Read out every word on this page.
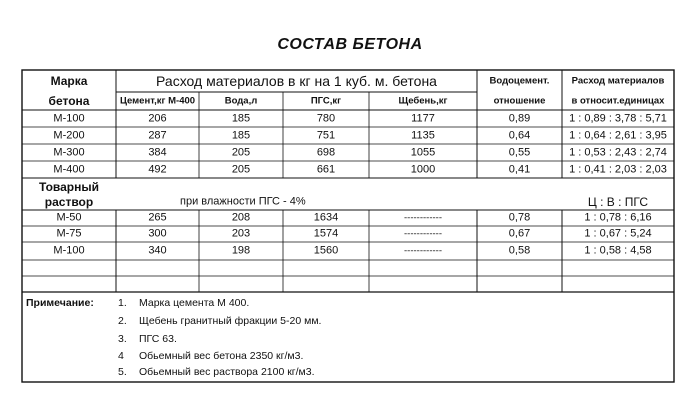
СОСТАВ БЕТОНА
Марка
бетона
Расход материалов в кг на 1 куб. м. бетона	Водоцемент.
отношение
Расход материалов
в относит.единицах
Цемент,кг М-400	Вода,л	ПГС,кг	Щебень,кг
М-100	206	185	780	1177	0,89	1 : 0,89 : 3,78 : 5,71
М-200	287	185	751	1135	0,64	1 : 0,64 : 2,61 : 3,95
М-300	384	205	698	1055	0,55	1 : 0,53 : 2,43 : 2,74
М-400	492	205	661	1000	0,41	1 : 0,41 : 2,03 : 2,03
Товарный
раствор	при влажности ПГС - 4%	Ц : В : ПГС
М-50	265	208	1634	------------	0,78	1 : 0,78 : 6,16
М-75	300	203	1574	------------	0,67	1 : 0,67 : 5,24
М-100	340	198	1560	------------	0,58	1 : 0,58 : 4,58
Примечание: 1. Марка цемента М 400.
2. Щебень гранитный фракции 5-20 мм.
3. ПГС 63.
4 Обьемный вес бетона 2350 кг/м3.
5. Обьемный вес раствора 2100 кг/м3.
